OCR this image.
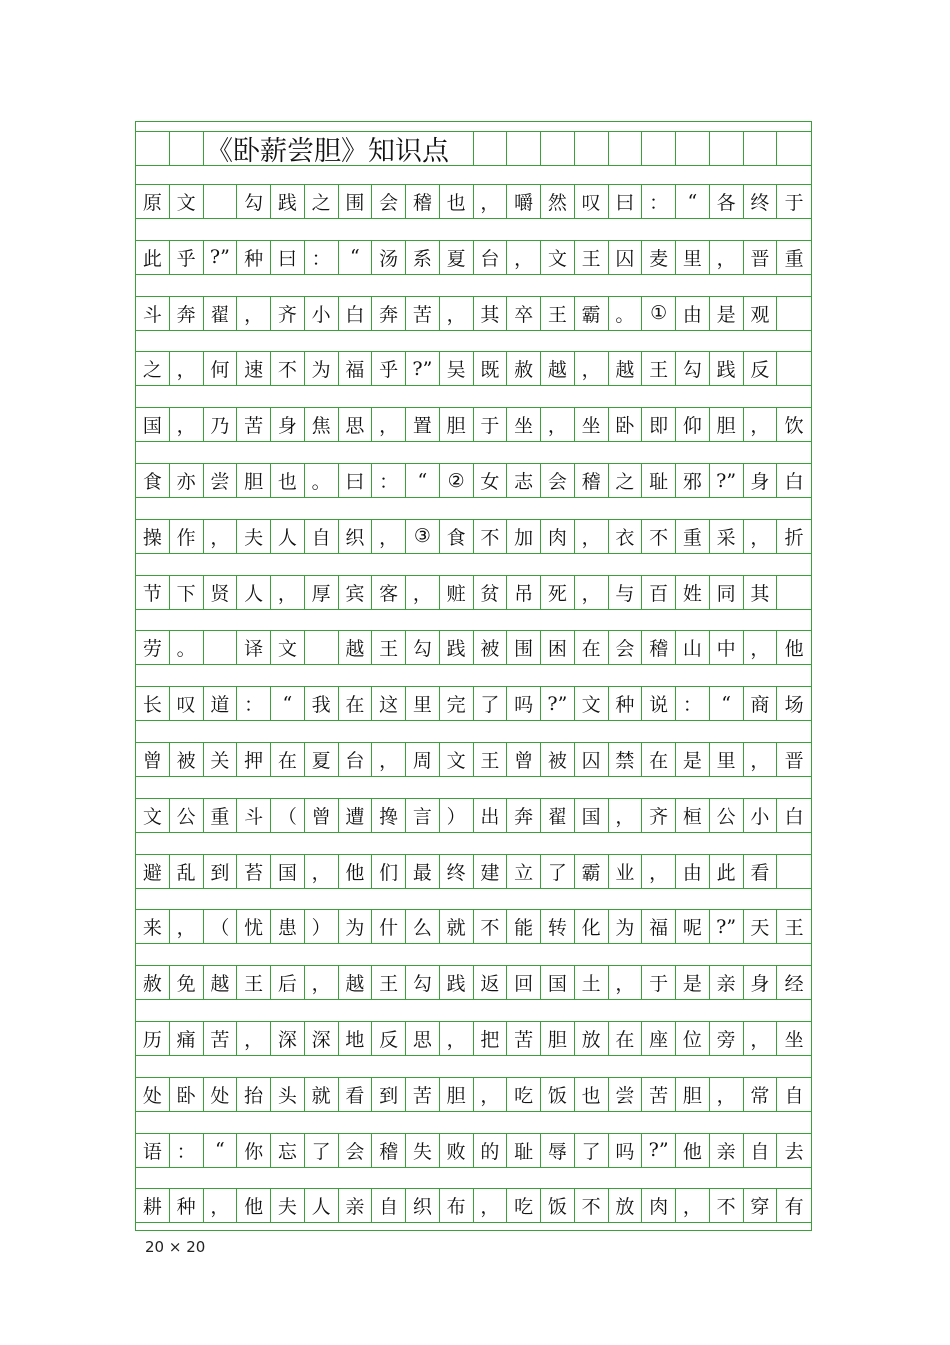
《卧薪尝胆》知识点
原 文	勾 践 之 围 会 稽 也 ， 嚼 然 叹 曰 ：	“	各 终 于
此 乎 ?” 种 曰 ：	“	汤 系 夏 台 ， 文 王 囚 麦 里 ， 晋 重
斗 奔 翟 ， 齐 小 白 奔 苦 ， 其 卒 王 霸 。 ① 由 是 观
之 ， 何 速 不 为 福 乎 ?” 吴 既 赦 越 ， 越 王 勾 践 反
国 ， 乃 苦 身 焦 思 ， 置 胆 于 坐 ， 坐 卧 即 仰 胆 ， 饮
食 亦 尝 胆 也 。 曰 ：	“	② 女 志 会 稽 之 耻 邪 ?” 身 白
操 作 ， 夫 人 自 织 ， ③ 食 不 加 肉 ， 衣 不 重 采 ， 折
节 下 贤 人 ， 厚 宾 客 ， 赃 贫 吊 死 ， 与 百 姓 同 其
劳 。	译 文	越 王 勾 践 被 围 困 在 会 稽 山 中 ， 他
长 叹 道 ：	“	我 在 这 里 完 了 吗 ?” 文 种 说 ：	“	商 场
曾 被 关 押 在 夏 台 ， 周 文 王 曾 被 囚 禁 在 是 里 ， 晋
文 公 重 斗 （ 曾 遭 搀 言 ） 出 奔 翟 国 ， 齐 桓 公 小 白
避 乱 到 苔 国 ， 他 们 最 终 建 立 了 霸 业 ， 由 此 看
来 ， （ 忧 患 ） 为 什 么 就 不 能 转 化 为 福 呢 ?” 天 王
赦 免 越 王 后 ， 越 王 勾 践 返 回 国 土 ， 于 是 亲 身 经
历 痛 苦 ， 深 深 地 反 思 ， 把 苦 胆 放 在 座 位 旁 ， 坐
处 卧 处 抬 头 就 看 到 苦 胆 ， 吃 饭 也 尝 苦 胆 ， 常 自
语 ：	“	你 忘 了 会 稽 失 败 的 耻 辱 了 吗 ?” 他 亲 自 去
耕 种 ， 他 夫 人 亲 自 织 布 ， 吃 饭 不 放 肉 ， 不 穿 有
20 × 20
